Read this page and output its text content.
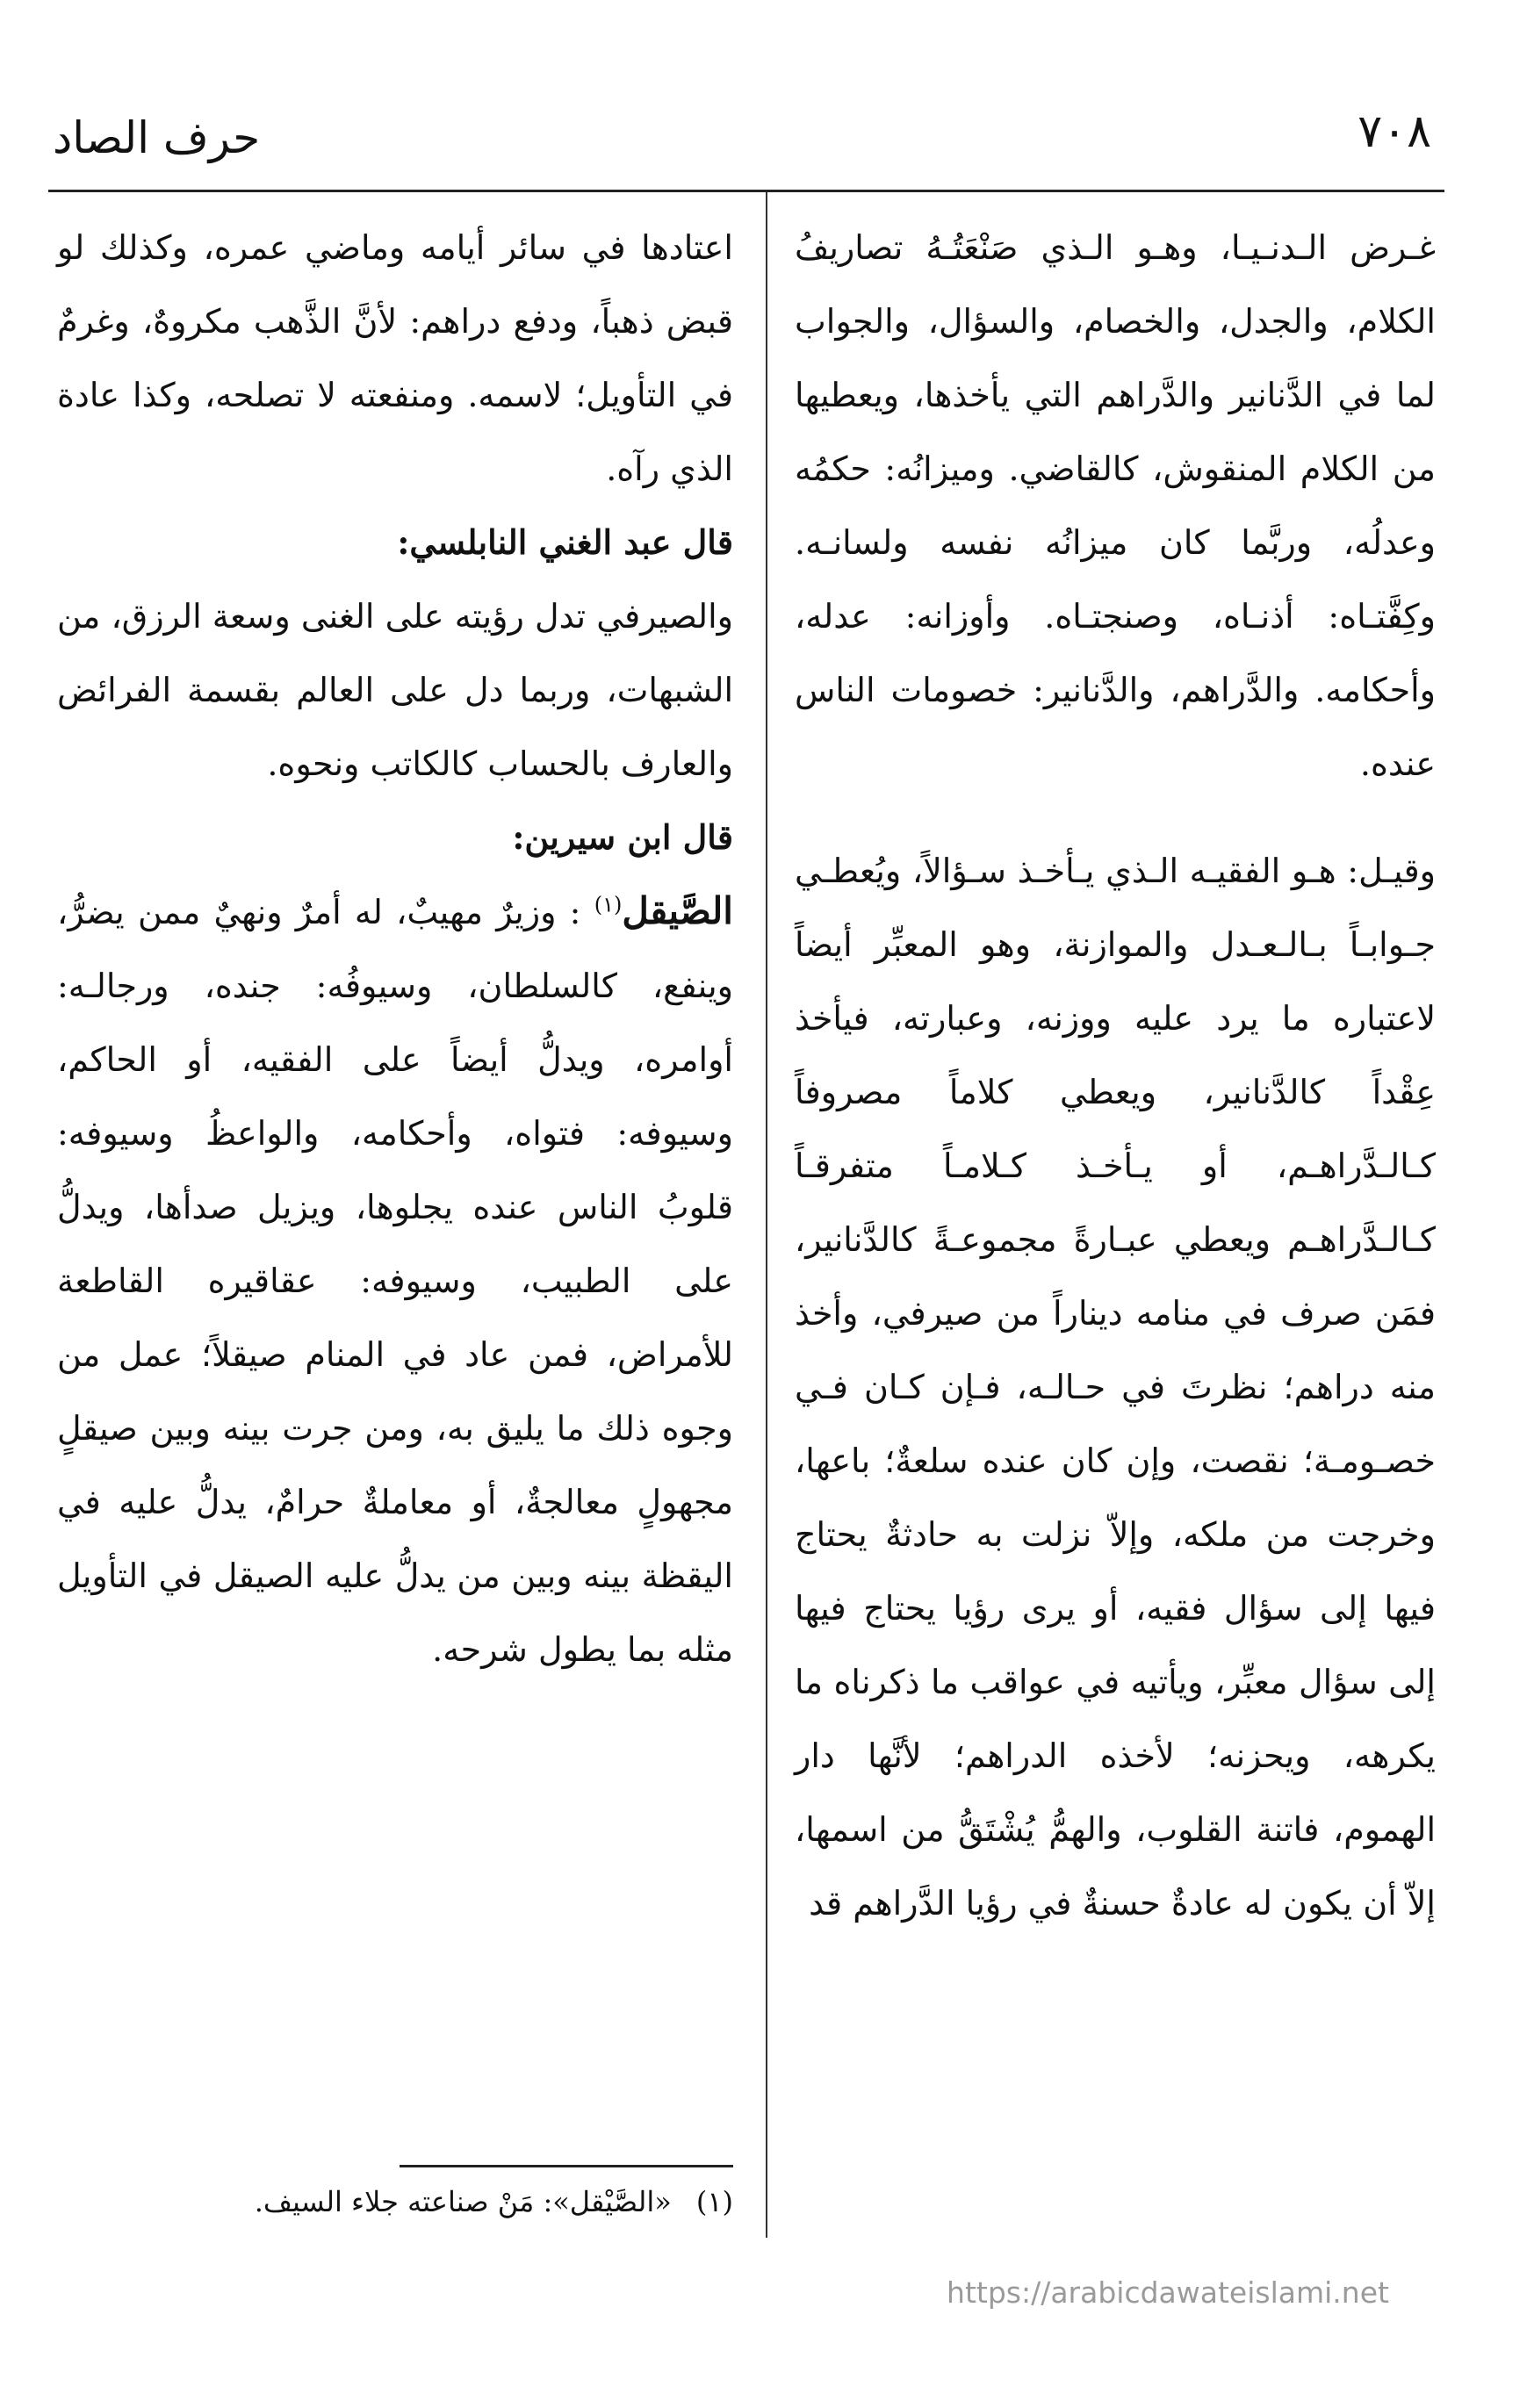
٧٠٨
حرف الصاد

غـرض الـدنـيـا، وهـو الـذي صَنْعَتُـهُ تصاريفُ الكلام، والجدل، والخصام، والسؤال، والجواب لما في الدَّنانير والدَّراهم التي يأخذها، ويعطيها من الكلام المنقوش، كالقاضي. وميزانُه: حكمُه وعدلُه، وربَّما كان ميزانُه نفسه ولسانـه. وكِفَّتـاه: أذنـاه، وصنجتـاه. وأوزانه: عدله، وأحكامه. والدَّراهم، والدَّنانير: خصومات الناس عنده.

وقيـل: هـو الفقيـه الـذي يـأخـذ سـؤالاً، ويُعطـي جـوابـاً بـالـعـدل والموازنة، وهو المعبِّر أيضاً لاعتباره ما يرد عليه ووزنه، وعبارته، فيأخذ عِقْداً كالدَّنانير، ويعطي كلاماً مصروفاً كـالـدَّراهـم، أو يـأخـذ كـلامـاً متفرقـاً كـالـدَّراهـم ويعطي عبـارةً مجموعـةً كالدَّنانير، فمَن صرف في منامه ديناراً من صيرفي، وأخذ منه دراهم؛ نظرتَ في حـالـه، فـإن كـان فـي خصـومـة؛ نقصت، وإن كان عنده سلعةٌ؛ باعها، وخرجت من ملكه، وإلاّ نزلت به حادثةٌ يحتاج فيها إلى سؤال فقيه، أو يرى رؤيا يحتاج فيها إلى سؤال معبِّر، ويأتيه في عواقب ما ذكرناه ما يكرهه، ويحزنه؛ لأخذه الدراهم؛ لأنَّها دار الهموم، فاتنة القلوب، والهمُّ يُشْتَقُّ من اسمها، إلاّ أن يكون له عادةٌ حسنةٌ في رؤيا الدَّراهم قد

اعتادها في سائر أيامه وماضي عمره، وكذلك لو قبض ذهباً، ودفع دراهم: لأنَّ الذَّهب مكروهٌ، وغرمٌ في التأويل؛ لاسمه. ومنفعته لا تصلحه، وكذا عادة الذي رآه.

قال عبد الغني النابلسي:

والصيرفي تدل رؤيته على الغنى وسعة الرزق، من الشبهات، وربما دل على العالم بقسمة الفرائض والعارف بالحساب كالكاتب ونحوه.

قال ابن سيرين:

الصَّيقل$^{(١)}$ : وزيرٌ مهيبٌ، له أمرٌ ونهيٌ ممن يضرُّ، وينفع، كالسلطان، وسيوفُه: جنده، ورجالـه: أوامره، ويدلُّ أيضاً على الفقيه، أو الحاكم، وسيوفه: فتواه، وأحكامه، والواعظُ وسيوفه: قلوبُ الناس عنده يجلوها، ويزيل صدأها، ويدلُّ على الطبيب، وسيوفه: عقاقيره القاطعة للأمراض، فمن عاد في المنام صيقلاً؛ عمل من وجوه ذلك ما يليق به، ومن جرت بينه وبين صيقلٍ مجهولٍ معالجةٌ، أو معاملةٌ حرامٌ، يدلُّ عليه في اليقظة بينه وبين من يدلُّ عليه الصيقل في التأويل مثله بما يطول شرحه.

(١)«الصَّيْقل»: مَنْ صناعته جلاء السيف.
https://arabicdawateislami.net
